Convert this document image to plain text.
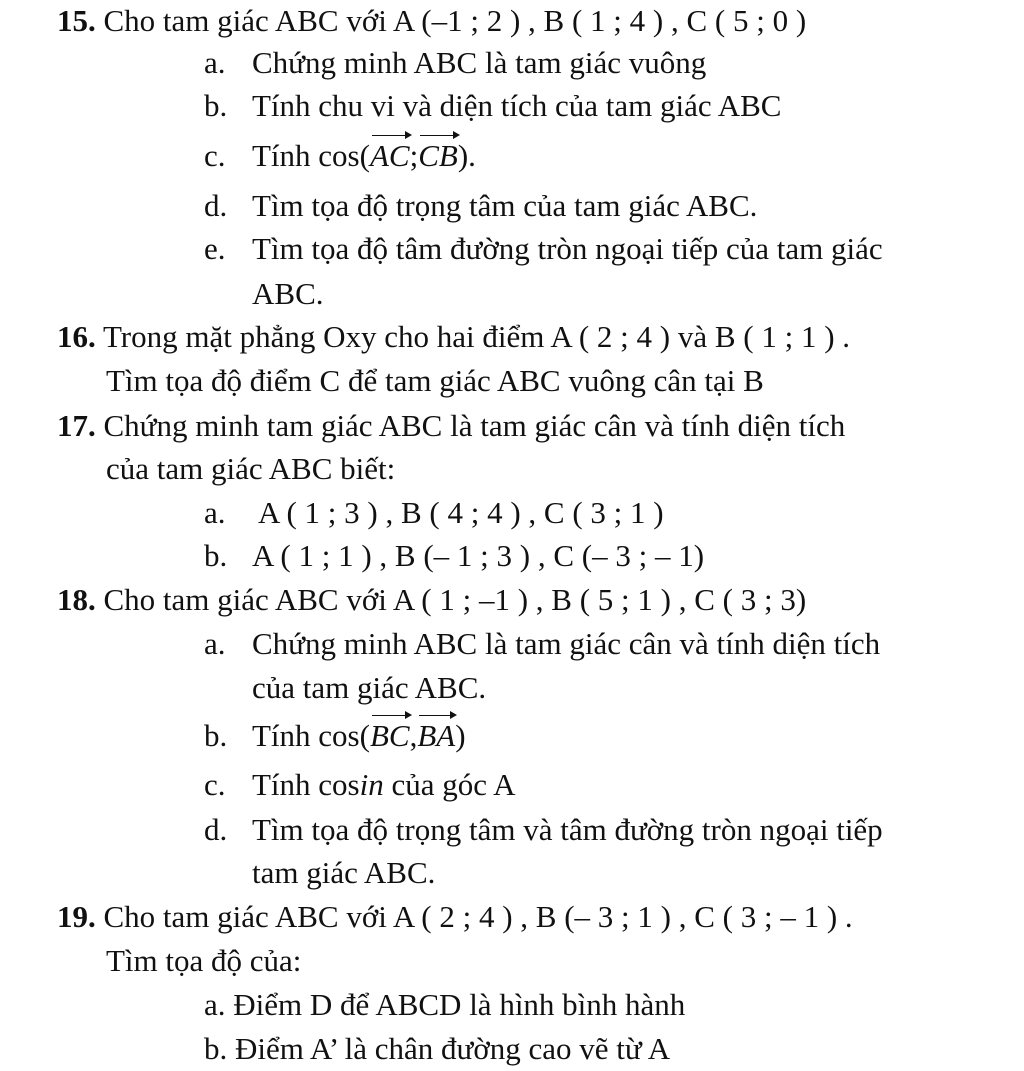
15. Cho tam giác ABC với A (–1 ; 2 ) , B ( 1 ; 4 ) , C ( 5 ; 0 )
a. Chứng minh ABC là tam giác vuông
b. Tính chu vi và diện tích của tam giác ABC
c. Tính cos(AC;CB).
d. Tìm tọa độ trọng tâm của tam giác ABC.
e. Tìm tọa độ tâm đường tròn ngoại tiếp của tam giác
ABC.
16. Trong mặt phẳng Oxy cho hai điểm A ( 2 ; 4 ) và B ( 1 ; 1 ) .
Tìm tọa độ điểm C để tam giác ABC vuông cân tại B
17. Chứng minh tam giác ABC là tam giác cân và tính diện tích
của tam giác ABC biết:
a. A ( 1 ; 3 ) , B ( 4 ; 4 ) , C ( 3 ; 1 )
b. A ( 1 ; 1 ) , B (– 1 ; 3 ) , C (– 3 ; – 1)
18. Cho tam giác ABC với A ( 1 ; –1 ) , B ( 5 ; 1 ) , C ( 3 ; 3)
a. Chứng minh ABC là tam giác cân và tính diện tích
của tam giác ABC.
b. Tính cos(BC,BA)
c. Tính cosin của góc A
d. Tìm tọa độ trọng tâm và tâm đường tròn ngoại tiếp
tam giác ABC.
19. Cho tam giác ABC với A ( 2 ; 4 ) , B (– 3 ; 1 ) , C ( 3 ; – 1 ) .
Tìm tọa độ của:
a. Điểm D để ABCD là hình bình hành
b. Điểm A’ là chân đường cao vẽ từ A
